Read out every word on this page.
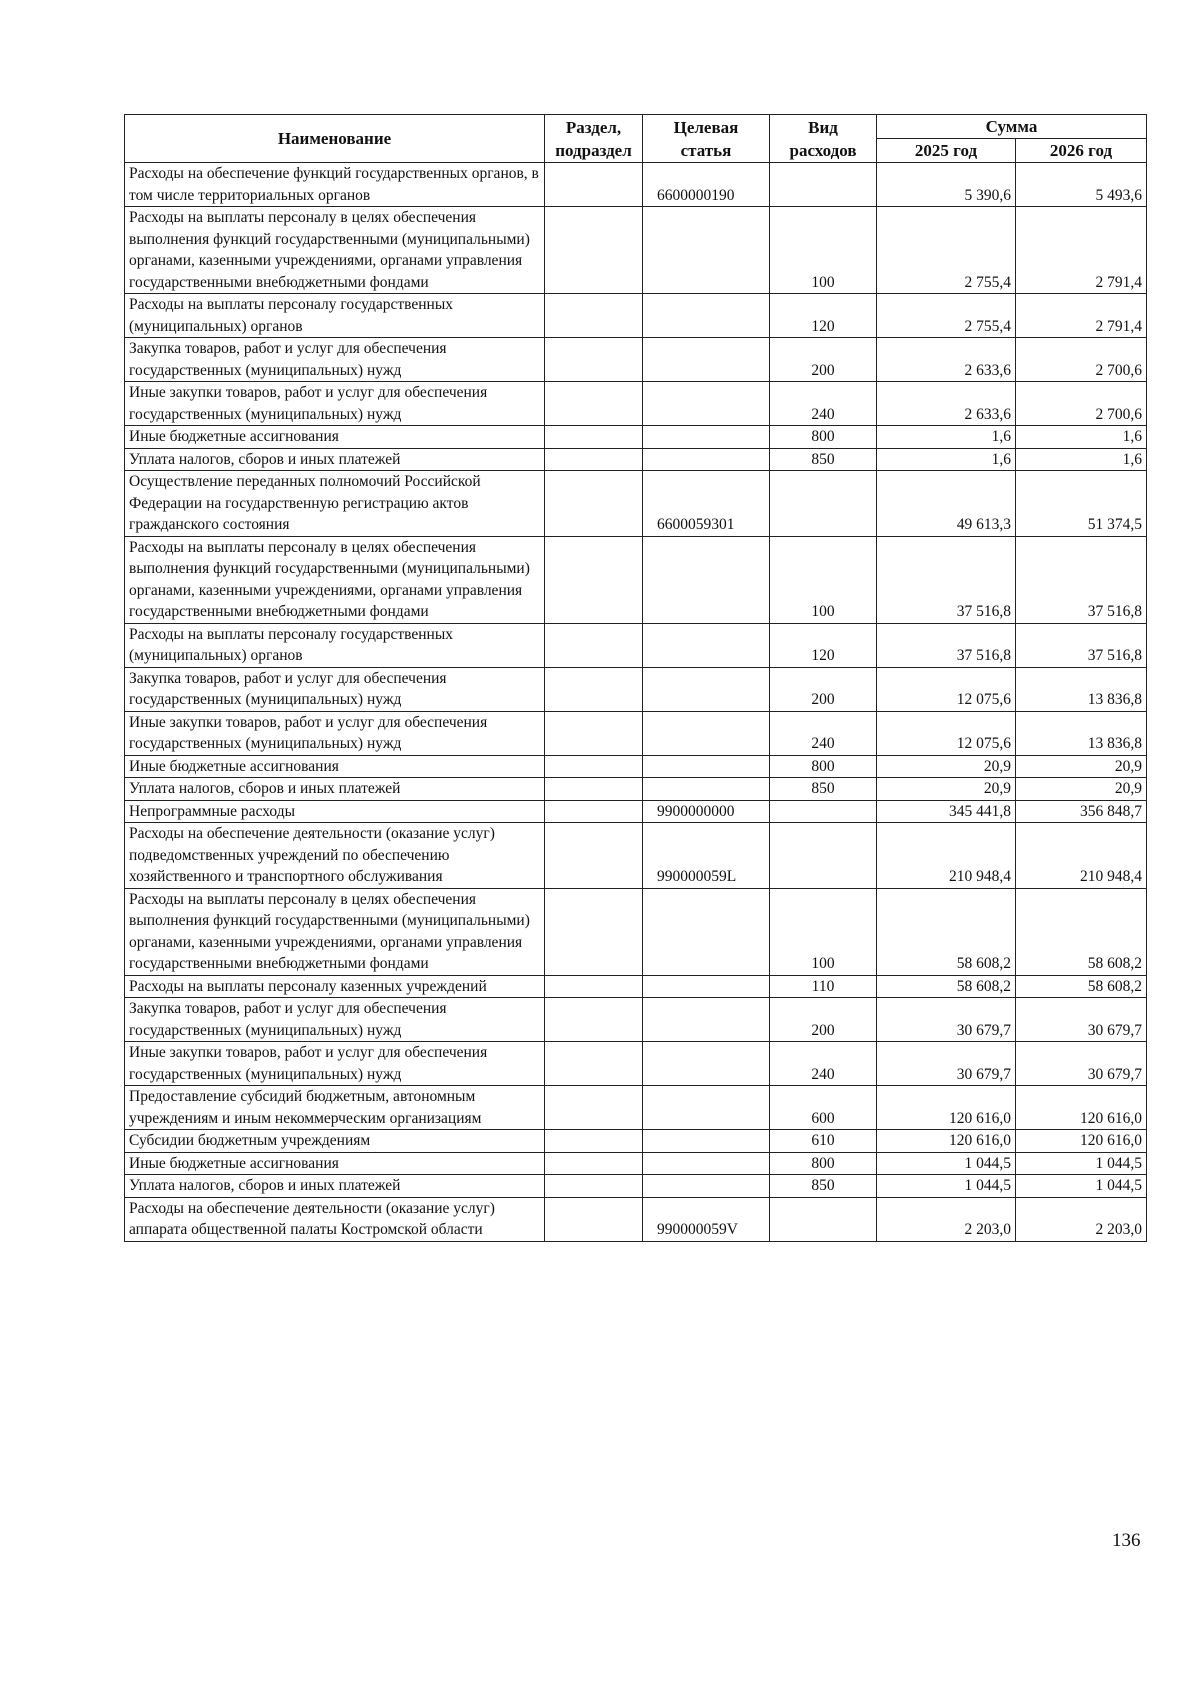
Наименование	Раздел, подраздел	Целевая статья	Вид расходов	Сумма	
				2025 год	2026 год
Расходы на обеспечение функций государственных органов, в том числе территориальных органов		6600000190		5 390,6	5 493,6
Расходы на выплаты персоналу в целях обеспечения выполнения функций государственными (муниципальными) органами, казенными учреждениями, органами управления государственными внебюджетными фондами			100	2 755,4	2 791,4
Расходы на выплаты персоналу государственных (муниципальных) органов			120	2 755,4	2 791,4
Закупка товаров, работ и услуг для обеспечения государственных (муниципальных) нужд			200	2 633,6	2 700,6
Иные закупки товаров, работ и услуг для обеспечения государственных (муниципальных) нужд			240	2 633,6	2 700,6
Иные бюджетные ассигнования			800	1,6	1,6
Уплата налогов, сборов и иных платежей			850	1,6	1,6
Осуществление переданных полномочий Российской Федерации на государственную регистрацию актов гражданского состояния		6600059301		49 613,3	51 374,5
Расходы на выплаты персоналу в целях обеспечения выполнения функций государственными (муниципальными) органами, казенными учреждениями, органами управления государственными внебюджетными фондами			100	37 516,8	37 516,8
Расходы на выплаты персоналу государственных (муниципальных) органов			120	37 516,8	37 516,8
Закупка товаров, работ и услуг для обеспечения государственных (муниципальных) нужд			200	12 075,6	13 836,8
Иные закупки товаров, работ и услуг для обеспечения государственных (муниципальных) нужд			240	12 075,6	13 836,8
Иные бюджетные ассигнования			800	20,9	20,9
Уплата налогов, сборов и иных платежей			850	20,9	20,9
Непрограммные расходы		9900000000		345 441,8	356 848,7
Расходы на обеспечение деятельности (оказание услуг) подведомственных учреждений по обеспечению хозяйственного и транспортного обслуживания		990000059L		210 948,4	210 948,4
Расходы на выплаты персоналу в целях обеспечения выполнения функций государственными (муниципальными) органами, казенными учреждениями, органами управления государственными внебюджетными фондами			100	58 608,2	58 608,2
Расходы на выплаты персоналу казенных учреждений			110	58 608,2	58 608,2
Закупка товаров, работ и услуг для обеспечения государственных (муниципальных) нужд			200	30 679,7	30 679,7
Иные закупки товаров, работ и услуг для обеспечения государственных (муниципальных) нужд			240	30 679,7	30 679,7
Предоставление субсидий бюджетным, автономным учреждениям и иным некоммерческим организациям			600	120 616,0	120 616,0
Субсидии бюджетным учреждениям			610	120 616,0	120 616,0
Иные бюджетные ассигнования			800	1 044,5	1 044,5
Уплата налогов, сборов и иных платежей			850	1 044,5	1 044,5
Расходы на обеспечение деятельности (оказание услуг) аппарата общественной палаты Костромской области		990000059V		2 203,0	2 203,0
136
